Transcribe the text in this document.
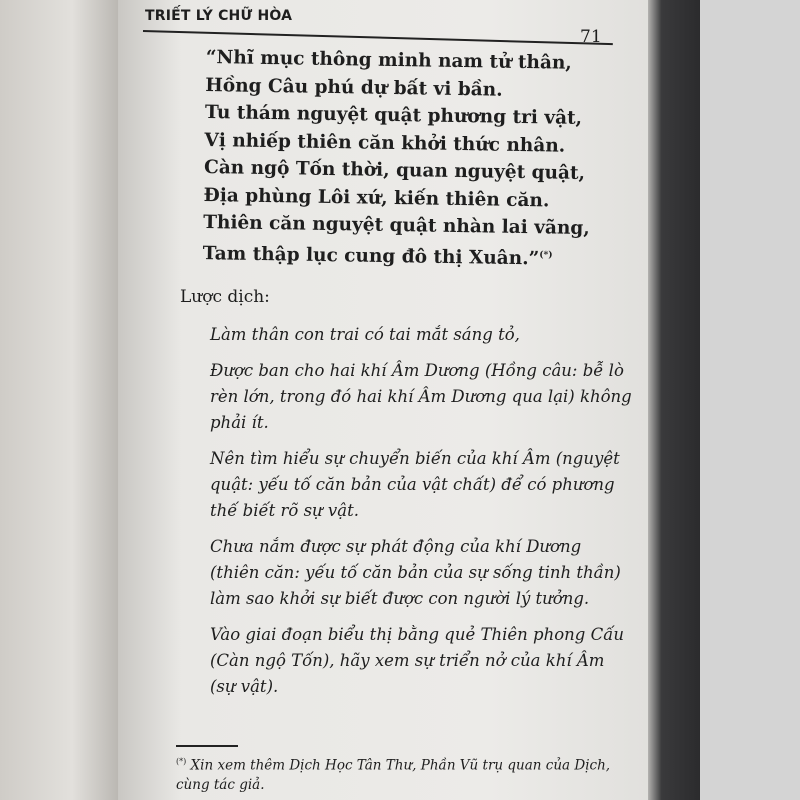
TRIẾT LÝ CHỮ HÒA
71
“Nhĩ mục thông minh nam tử thân,
Hồng Câu phú dự bất vi bần.
Tu thám nguyệt quật phương tri vật,
Vị nhiếp thiên căn khởi thức nhân.
Càn ngộ Tốn thời, quan nguyệt quật,
Địa phùng Lôi xứ, kiến thiên căn.
Thiên căn nguyệt quật nhàn lai vãng,
Tam thập lục cung đô thị Xuân.”(*)
Lược dịch:

Làm thân con trai có tai mắt sáng tỏ,

Được ban cho hai khí Âm Dương (Hồng câu: bễ lò rèn lớn, trong đó hai khí Âm Dương qua lại) không phải ít.

Nên tìm hiểu sự chuyển biến của khí Âm (nguyệt quật: yếu tố căn bản của vật chất) để có phương thế biết rõ sự vật.

Chưa nắm được sự phát động của khí Dương (thiên căn: yếu tố căn bản của sự sống tinh thần) làm sao khởi sự biết được con người lý tưởng.

Vào giai đoạn biểu thị bằng quẻ Thiên phong Cấu (Càn ngộ Tốn), hãy xem sự triển nở của khí Âm (sự vật).

(*) Xin xem thêm Dịch Học Tân Thư, Phần Vũ trụ quan của Dịch, cùng tác giả.
